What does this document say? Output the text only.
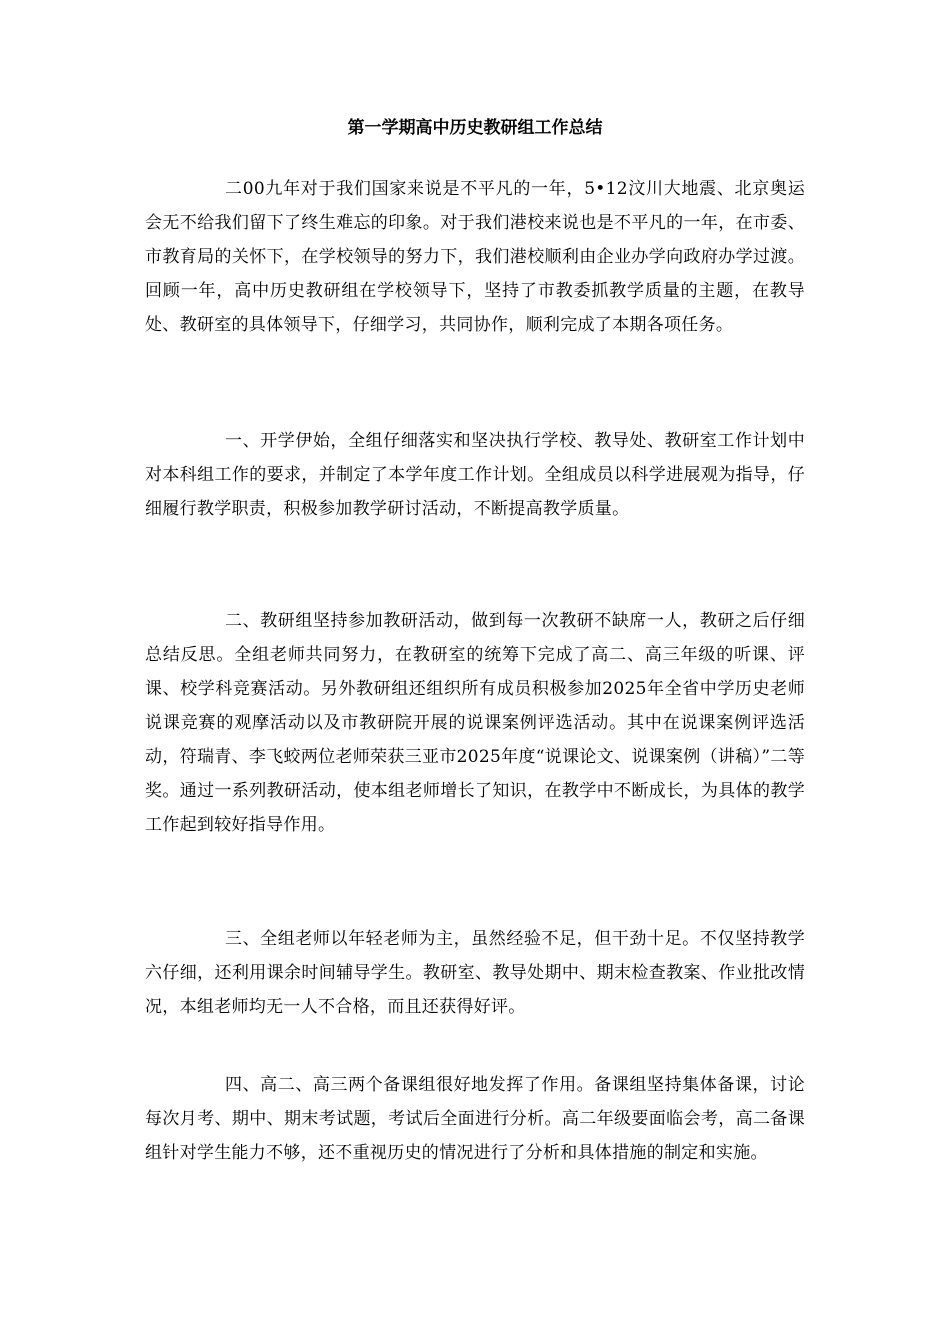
第一学期高中历史教研组工作总结

二00九年对于我们国家来说是不平凡的一年，5•12汶川大地震、北京奥运会无不给我们留下了终生难忘的印象。对于我们港校来说也是不平凡的一年，在市委、市教育局的关怀下，在学校领导的努力下，我们港校顺利由企业办学向政府办学过渡。回顾一年，高中历史教研组在学校领导下，坚持了市教委抓教学质量的主题，在教导处、教研室的具体领导下，仔细学习，共同协作，顺利完成了本期各项任务。

一、开学伊始，全组仔细落实和坚决执行学校、教导处、教研室工作计划中对本科组工作的要求，并制定了本学年度工作计划。全组成员以科学进展观为指导，仔细履行教学职责，积极参加教学研讨活动，不断提高教学质量。

二、教研组坚持参加教研活动，做到每一次教研不缺席一人，教研之后仔细总结反思。全组老师共同努力，在教研室的统筹下完成了高二、高三年级的听课、评课、校学科竞赛活动。另外教研组还组织所有成员积极参加2025年全省中学历史老师说课竞赛的观摩活动以及市教研院开展的说课案例评选活动。其中在说课案例评选活动，符瑞青、李飞蛟两位老师荣获三亚市2025年度“说课论文、说课案例（讲稿）”二等奖。通过一系列教研活动，使本组老师增长了知识，在教学中不断成长，为具体的教学工作起到较好指导作用。

三、全组老师以年轻老师为主，虽然经验不足，但干劲十足。不仅坚持教学六仔细，还利用课余时间辅导学生。教研室、教导处期中、期末检查教案、作业批改情况，本组老师均无一人不合格，而且还获得好评。

四、高二、高三两个备课组很好地发挥了作用。备课组坚持集体备课，讨论每次月考、期中、期末考试题，考试后全面进行分析。高二年级要面临会考，高二备课组针对学生能力不够，还不重视历史的情况进行了分析和具体措施的制定和实施。
